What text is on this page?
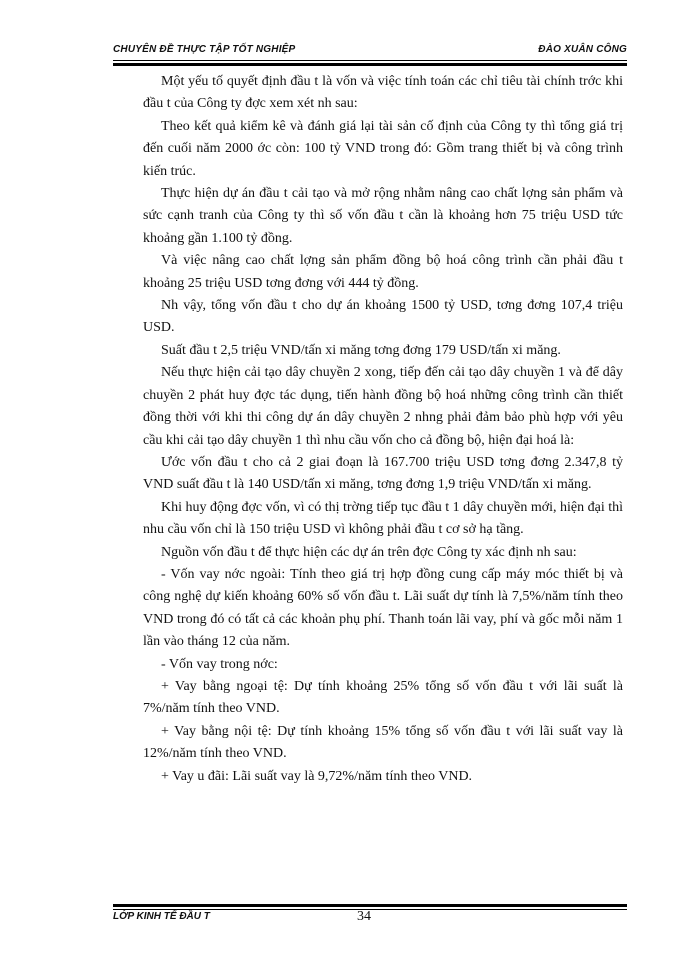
CHUYÊN ĐỀ THỰC TẬP TỐT NGHIỆP	ĐÀO XUÂN CÔNG

Một yếu tố quyết định đầu t là vốn và việc tính toán các chỉ tiêu tài chính trớc khi đầu t của Công ty đợc xem xét nh sau:

Theo kết quả kiểm kê và đánh giá lại tài sản cố định của Công ty thì tổng giá trị đến cuối năm 2000 ớc còn: 100 tỷ VND trong đó: Gồm trang thiết bị và công trình kiến trúc.

Thực hiện dự án đầu t cải tạo và mở rộng nhằm nâng cao chất lợng sản phẩm và sức cạnh tranh của Công ty thì số vốn đầu t cần là khoảng hơn 75 triệu USD tức khoảng gần 1.100 tỷ đồng.

Và việc nâng cao chất lợng sản phẩm đồng bộ hoá công trình cần phải đầu t khoảng 25 triệu USD tơng đơng với 444 tỷ đồng.

Nh vậy, tổng vốn đầu t cho dự án khoảng 1500 tỷ USD, tơng đơng 107,4 triệu USD.

Suất đầu t 2,5 triệu VND/tấn xi măng tơng đơng 179 USD/tấn xi măng.

Nếu thực hiện cải tạo dây chuyền 2 xong, tiếp đến cải tạo dây chuyền 1 và để dây chuyền 2 phát huy đợc tác dụng, tiến hành đồng bộ hoá những công trình cần thiết đồng thời với khi thi công dự án dây chuyền 2 nhng phải đảm bảo phù hợp với yêu cầu khi cải tạo dây chuyền 1 thì nhu cầu vốn cho cả đồng bộ, hiện đại hoá là:

Ước vốn đầu t cho cả 2 giai đoạn là 167.700 triệu USD tơng đơng 2.347,8 tỷ VND suất đầu t là 140 USD/tấn xi măng, tơng đơng 1,9 triệu VND/tấn xi măng.

Khi huy động đợc vốn, vì có thị trờng tiếp tục đầu t 1 dây chuyền mới, hiện đại thì nhu cầu vốn chỉ là 150 triệu USD vì không phải đầu t cơ sở hạ tầng.

Nguồn vốn đầu t để thực hiện các dự án trên đợc Công ty xác định nh sau:

- Vốn vay nớc ngoài: Tính theo giá trị hợp đồng cung cấp máy móc thiết bị và công nghệ dự kiến khoảng 60% số vốn đầu t. Lãi suất dự tính là 7,5%/năm tính theo VND trong đó có tất cả các khoản phụ phí. Thanh toán lãi vay, phí và gốc mỗi năm 1 lần vào tháng 12 của năm.

- Vốn vay trong nớc:

+ Vay bằng ngoại tệ: Dự tính khoảng 25% tổng số vốn đầu t với lãi suất là 7%/năm tính theo VND.

+ Vay bằng nội tệ: Dự tính khoảng 15% tổng số vốn đầu t với lãi suất vay là 12%/năm tính theo VND.

+ Vay u đãi: Lãi suất vay là 9,72%/năm tính theo VND.

LỚP KINH TẾ ĐẦU T	34
